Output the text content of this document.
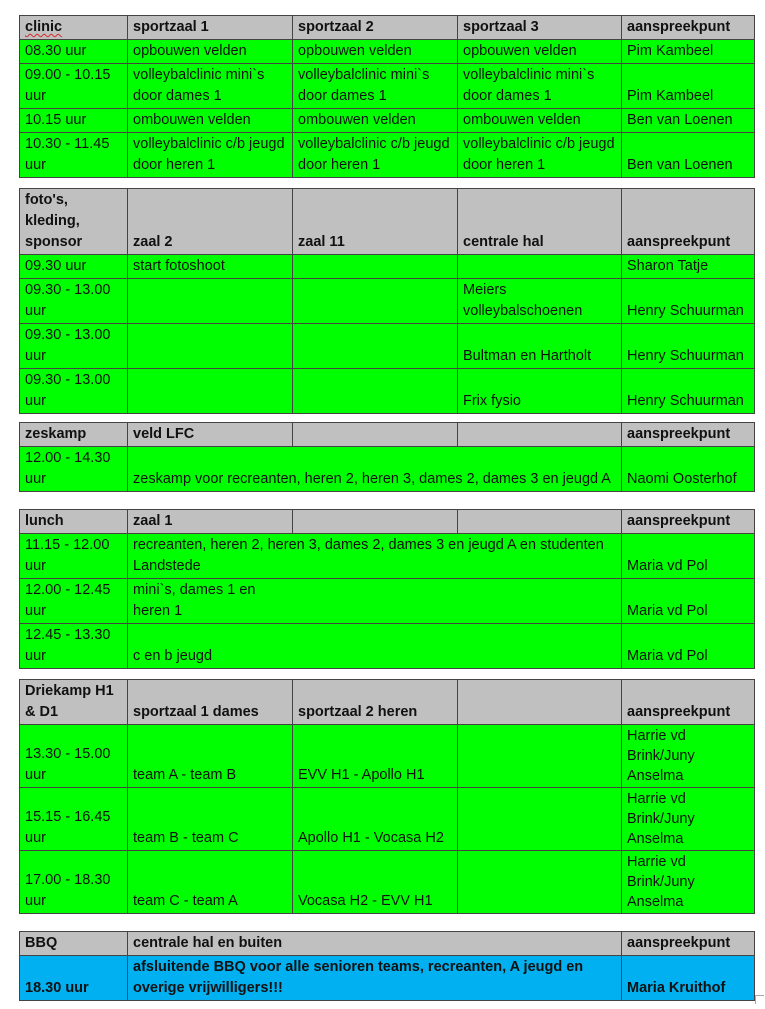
clinic	sportzaal 1	sportzaal 2	sportzaal 3	aanspreekpunt
08.30 uur	opbouwen velden	opbouwen velden	opbouwen velden	Pim Kambeel
09.00 - 10.15 uur	volleybalclinic mini`s door dames 1	volleybalclinic mini`s door dames 1	volleybalclinic mini`s door dames 1	Pim Kambeel
10.15 uur	ombouwen velden	ombouwen velden	ombouwen velden	Ben van Loenen
10.30 - 11.45 uur	volleybalclinic c/b jeugd door heren 1	volleybalclinic c/b jeugd door heren 1	volleybalclinic c/b jeugd door heren 1	Ben van Loenen
foto's, kleding, sponsor	zaal 2	zaal 11	centrale hal	aanspreekpunt
09.30 uur	start fotoshoot			Sharon Tatje
09.30 - 13.00 uur			Meiers volleybalschoenen	Henry Schuurman
09.30 - 13.00 uur			Bultman en Hartholt	Henry Schuurman
09.30 - 13.00 uur			Frix fysio	Henry Schuurman
zeskamp	veld LFC			aanspreekpunt
12.00 - 14.30 uur	zeskamp voor recreanten, heren 2, heren 3, dames 2, dames 3 en jeugd A			Naomi Oosterhof
lunch	zaal 1			aanspreekpunt
11.15 - 12.00 uur	recreanten, heren 2, heren 3, dames 2, dames 3 en jeugd A en studenten Landstede			Maria vd Pol
12.00 - 12.45 uur	mini`s, dames 1 en heren 1			Maria vd Pol
12.45 - 13.30 uur	c en b jeugd			Maria vd Pol
Driekamp H1 & D1	sportzaal 1 dames	sportzaal 2 heren		aanspreekpunt
13.30 - 15.00 uur	team A - team B	EVV H1 - Apollo H1		Harrie vd Brink/Juny Anselma
15.15 - 16.45 uur	team B - team C	Apollo H1 - Vocasa H2		Harrie vd Brink/Juny Anselma
17.00 - 18.30 uur	team C - team A	Vocasa H2 - EVV H1		Harrie vd Brink/Juny Anselma
BBQ	centrale hal en buiten	aanspreekpunt
18.30 uur	afsluitende BBQ voor alle senioren teams, recreanten, A jeugd en overige vrijwilligers!!!	Maria Kruithof
